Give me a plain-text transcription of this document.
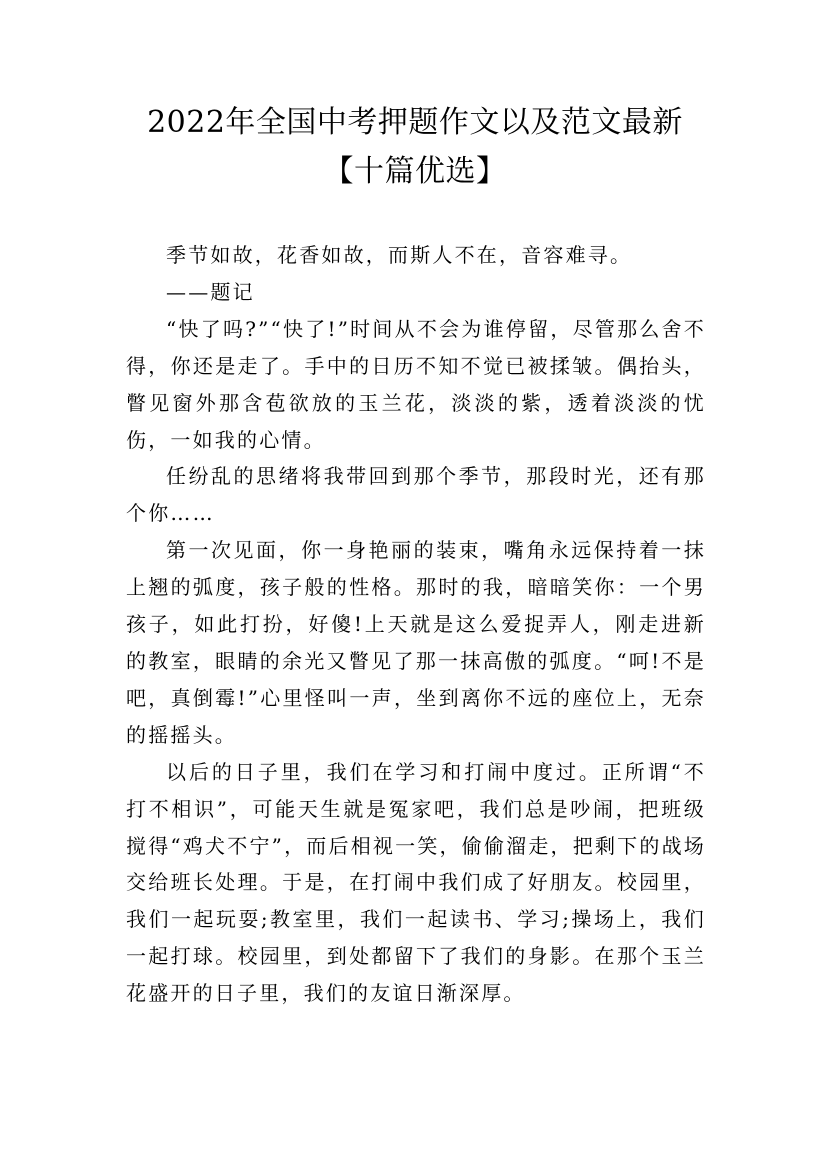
2022年全国中考押题作文以及范文最新【十篇优选】

季节如故，花香如故，而斯人不在，音容难寻。

——题记

“快了吗?”“快了!”时间从不会为谁停留，尽管那么舍不得，你还是走了。手中的日历不知不觉已被揉皱。偶抬头，瞥见窗外那含苞欲放的玉兰花，淡淡的紫，透着淡淡的忧伤，一如我的心情。

任纷乱的思绪将我带回到那个季节，那段时光，还有那个你……

第一次见面，你一身艳丽的装束，嘴角永远保持着一抹上翘的弧度，孩子般的性格。那时的我，暗暗笑你：一个男孩子，如此打扮，好傻!上天就是这么爱捉弄人，刚走进新的教室，眼睛的余光又瞥见了那一抹高傲的弧度。“呵!不是吧，真倒霉!”心里怪叫一声，坐到离你不远的座位上，无奈的摇摇头。

以后的日子里，我们在学习和打闹中度过。正所谓“不打不相识”，可能天生就是冤家吧，我们总是吵闹，把班级搅得“鸡犬不宁”，而后相视一笑，偷偷溜走，把剩下的战场交给班长处理。于是，在打闹中我们成了好朋友。校园里，我们一起玩耍;教室里，我们一起读书、学习;操场上，我们一起打球。校园里，到处都留下了我们的身影。在那个玉兰花盛开的日子里，我们的友谊日渐深厚。
